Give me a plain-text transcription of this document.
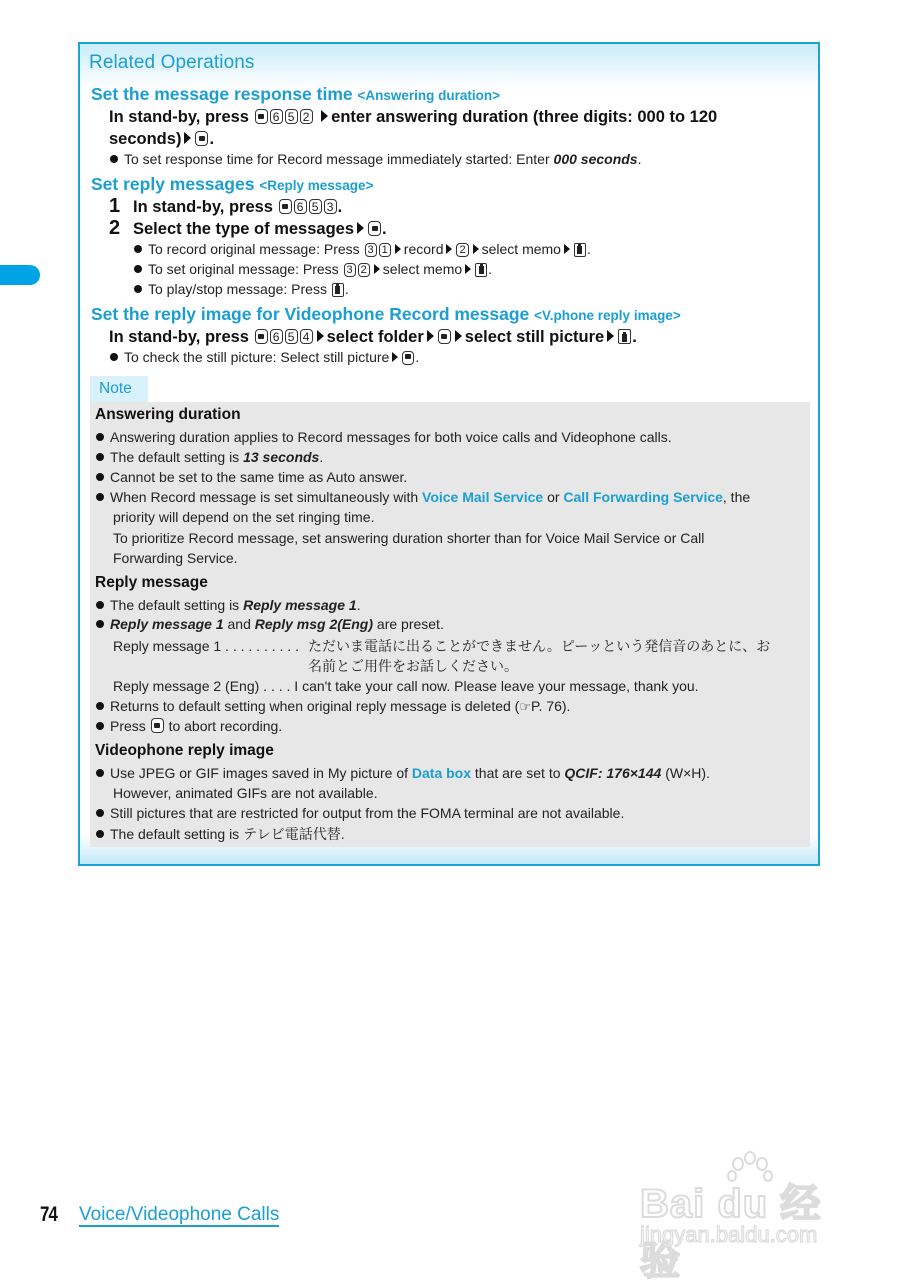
Related Operations
Set the message response time <Answering duration>
In stand-by, press 6 5 2 enter answering duration (three digits: 000 to 120
seconds) .
To set response time for Record message immediately started: Enter 000 seconds.
Set reply messages <Reply message>
1 In stand-by, press 6 5 3 .
2 Select the type of messages .
To record original message: Press 3 1 record 2 select memo .
To set original message: Press 3 2 select memo .
To play/stop message: Press .
Set the reply image for Videophone Record message <V.phone reply image>
In stand-by, press 6 5 4 select folder select still picture .
To check the still picture: Select still picture .
Note
Answering duration
Answering duration applies to Record messages for both voice calls and Videophone calls.
The default setting is 13 seconds.
Cannot be set to the same time as Auto answer.
When Record message is set simultaneously with Voice Mail Service or Call Forwarding Service, the
priority will depend on the set ringing time.
To prioritize Record message, set answering duration shorter than for Voice Mail Service or Call
Forwarding Service.
Reply message
The default setting is Reply message 1.
Reply message 1 and Reply msg 2(Eng) are preset.
Reply message 1 . . . . . . . . . . ただいま電話に出ることができません。ピーッという発信音のあとに、お
名前とご用件をお話しください。
Reply message 2 (Eng) . . . . I can't take your call now. Please leave your message, thank you.
Returns to default setting when original reply message is deleted (☞P. 76).
Press to abort recording.
Videophone reply image
Use JPEG or GIF images saved in My picture of Data box that are set to QCIF: 176×144 (W×H).
However, animated GIFs are not available.
Still pictures that are restricted for output from the FOMA terminal are not available.
The default setting is テレビ電話代替.
74 Voice/Videophone Calls	Bai du 经验
jingyan.baidu.com
